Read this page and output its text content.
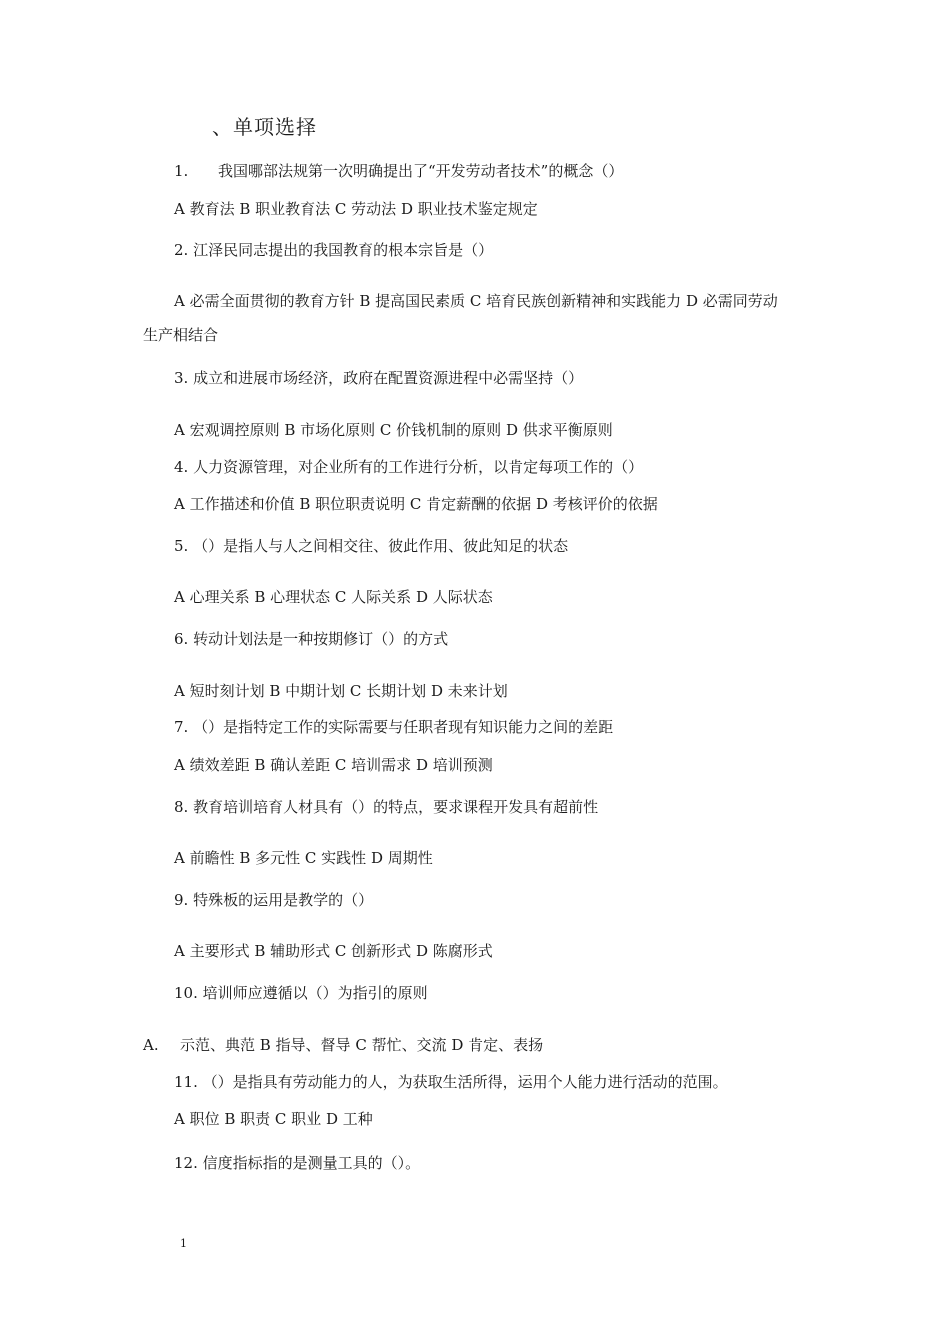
、单项选择
1. 我国哪部法规第一次明确提出了“开发劳动者技术”的概念（）
A 教育法 B 职业教育法 C 劳动法 D 职业技术鉴定规定
2. 江泽民同志提出的我国教育的根本宗旨是（）
A 必需全面贯彻的教育方针 B 提高国民素质 C 培育民族创新精神和实践能力 D 必需同劳动
生产相结合
3. 成立和进展市场经济，政府在配置资源进程中必需坚持（）
A 宏观调控原则 B 市场化原则 C 价钱机制的原则 D 供求平衡原则
4. 人力资源管理，对企业所有的工作进行分析，以肯定每项工作的（）
A 工作描述和价值 B 职位职责说明 C 肯定薪酬的依据 D 考核评价的依据
5. （）是指人与人之间相交往、彼此作用、彼此知足的状态
A 心理关系 B 心理状态 C 人际关系 D 人际状态
6. 转动计划法是一种按期修订（）的方式
A 短时刻计划 B 中期计划 C 长期计划 D 未来计划
7. （）是指特定工作的实际需要与任职者现有知识能力之间的差距
A 绩效差距 B 确认差距 C 培训需求 D 培训预测
8. 教育培训培育人材具有（）的特点，要求课程开发具有超前性
A 前瞻性 B 多元性 C 实践性 D 周期性
9. 特殊板的运用是教学的（）
A 主要形式 B 辅助形式 C 创新形式 D 陈腐形式
10. 培训师应遵循以（）为指引的原则
A. 示范、典范 B 指导、督导 C 帮忙、交流 D 肯定、表扬
11. （）是指具有劳动能力的人，为获取生活所得，运用个人能力进行活动的范围。
A 职位 B 职责 C 职业 D 工种
12. 信度指标指的是测量工具的（）。
1
